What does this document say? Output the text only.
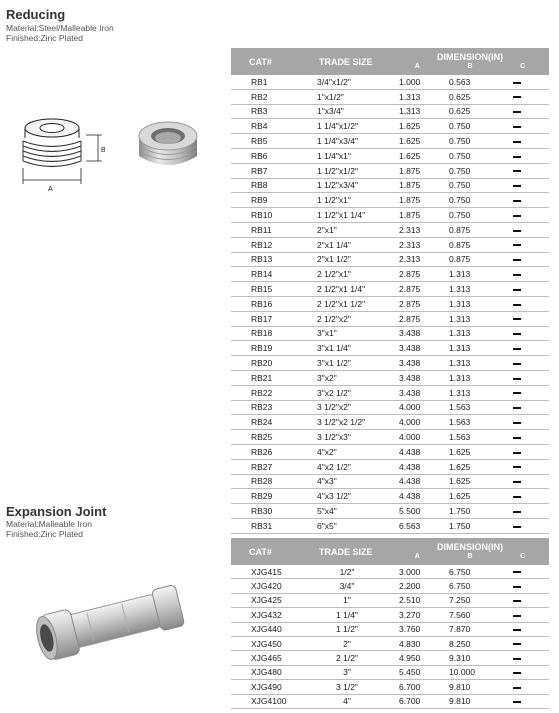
Reducing
Material:Steel/Malleable Iron
Finished:Zinc Plated
B
A
CAT#	TRADE SIZE	DIMENSION(IN)
A B C		

RB1	3/4"x1/2"	1.000	0.563	
RB2	1"x1/2"	1.313	0.625	
RB3	1"x3/4"	1.313	0.625	
RB4	1 1/4"x1/2"	1.625	0.750	
RB5	1 1/4"x3/4"	1.625	0.750	
RB6	1 1/4"x1"	1.625	0.750	
RB7	1 1/2"x1/2"	1.875	0.750	
RB8	1 1/2"x3/4"	1.875	0.750	
RB9	1 1/2"x1"	1.875	0.750	
RB10	1 1/2"x1 1/4"	1.875	0.750	
RB11	2"x1"	2.313	0.875	
RB12	2"x1 1/4"	2.313	0.875	
RB13	2"x1 1/2"	2.313	0.875	
RB14	2 1/2"x1"	2.875	1.313	
RB15	2 1/2"x1 1/4"	2.875	1.313	
RB16	2 1/2"x1 1/2"	2.875	1.313	
RB17	2 1/2"x2"	2.875	1.313	
RB18	3"x1"	3.438	1.313	
RB19	3"x1 1/4"	3.438	1.313	
RB20	3"x1 1/2"	3.438	1.313	
RB21	3"x2"	3.438	1.313	
RB22	3"x2 1/2"	3.438	1.313	
RB23	3 1/2"x2"	4.000	1.563	
RB24	3 1/2"x2 1/2"	4.000	1.563	
RB25	3 1/2"x3"	4.000	1.563	
RB26	4"x2"	4.438	1.625	
RB27	4"x2 1/2"	4.438	1.625	
RB28	4"x3"	4.438	1.625	
RB29	4"x3 1/2"	4.438	1.625	
RB30	5"x4"	5.500	1.750	
RB31	6"x5"	6.563	1.750	
Expansion Joint
Material:Malleable Iron
Finished:Zinc Plated
CAT#	TRADE SIZE	DIMENSION(IN)
A B C		

XJG415	1/2"	3.000	6.750	
XJG420	3/4"	2.200	6.750	
XJG425	1"	2.510	7.250	
XJG432	1 1/4"	3.270	7.560	
XJG440	1 1/2"	3.760	7.870	
XJG450	2"	4.830	8.250	
XJG465	2 1/2"	4.950	9.310	
XJG480	3"	5.450	10.000	
XJG490	3 1/2"	6.700	9.810	
XJG4100	4"	6.700	9.810	
